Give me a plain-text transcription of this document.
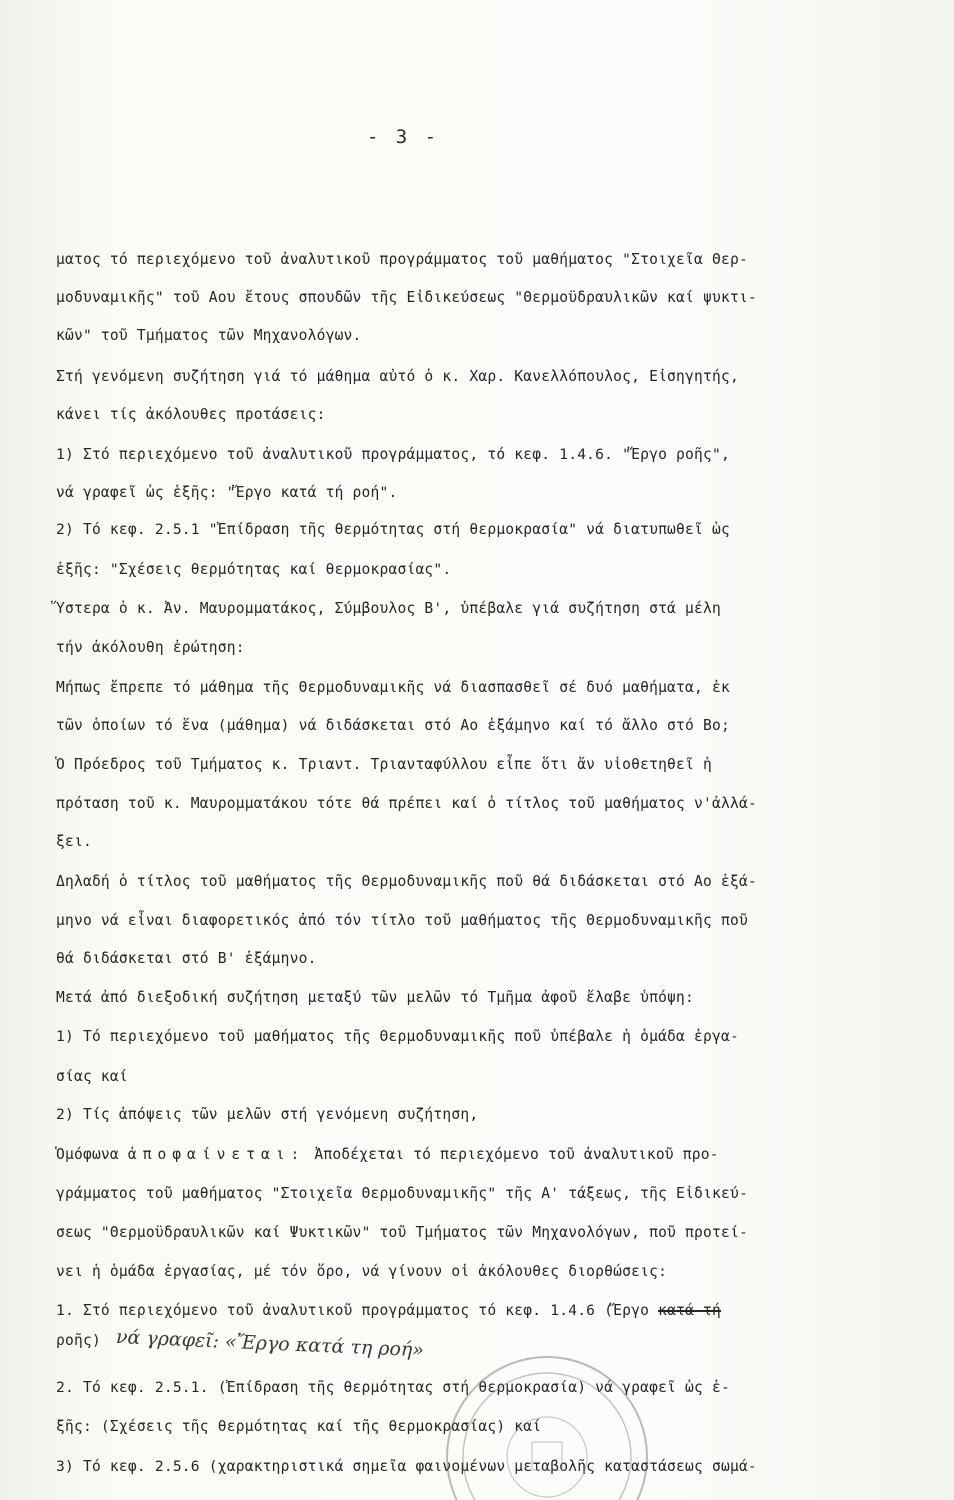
- 3 -
ματος τό περιεχόμενο τοῦ ἀναλυτικοῦ προγράμματος τοῦ μαθήματος "Στοιχεῖα Θερ-
μοδυναμικῆς" τοῦ Αου ἔτους σπουδῶν τῆς Εἰδικεύσεως "Θερμοϋδραυλικῶν καί ψυκτι-
κῶν" τοῦ Τμήματος τῶν Μηχανολόγων.
Στή γενόμενη συζήτηση γιά τό μάθημα αὐτό ὁ κ. Χαρ. Κανελλόπουλος, Εἰσηγητής,
κάνει τίς ἀκόλουθες προτάσεις:
1) Στό περιεχόμενο τοῦ ἀναλυτικοῦ προγράμματος, τό κεφ. 1.4.6. "Ἔργο ροῆς",
νά γραφεῖ ὡς ἑξῆς: "Ἔργο κατά τή ροή".
2) Τό κεφ. 2.5.1 "Ἐπίδραση τῆς θερμότητας στή θερμοκρασία" νά διατυπωθεῖ ὡς
ἑξῆς: "Σχέσεις θερμότητας καί θερμοκρασίας".
Ὕστερα ὁ κ. Ἀν. Μαυρομματάκος, Σύμβουλος Β', ὑπέβαλε γιά συζήτηση στά μέλη
τήν ἀκόλουθη ἐρώτηση:
Μήπως ἔπρεπε τό μάθημα τῆς Θερμοδυναμικῆς νά διασπασθεῖ σέ δυό μαθήματα, ἐκ
τῶν ὁποίων τό ἕνα (μάθημα) νά διδάσκεται στό Αο ἑξάμηνο καί τό ἄλλο στό Βο;
Ὁ Πρόεδρος τοῦ Τμήματος κ. Τριαντ. Τριανταφύλλου εἶπε ὅτι ἄν υἱοθετηθεῖ ἡ
πρόταση τοῦ κ. Μαυρομματάκου τότε θά πρέπει καί ὁ τίτλος τοῦ μαθήματος ν'ἀλλά-
ξει.
Δηλαδή ὁ τίτλος τοῦ μαθήματος τῆς Θερμοδυναμικῆς ποῦ θά διδάσκεται στό Αο ἑξά-
μηνο νά εἶναι διαφορετικός ἀπό τόν τίτλο τοῦ μαθήματος τῆς Θερμοδυναμικῆς ποῦ
θά διδάσκεται στό Β' ἑξάμηνο.
Μετά ἀπό διεξοδική συζήτηση μεταξύ τῶν μελῶν τό Τμῆμα ἀφοῦ ἔλαβε ὑπόψη:
1) Τό περιεχόμενο τοῦ μαθήματος τῆς Θερμοδυναμικῆς ποῦ ὑπέβαλε ἡ ὁμάδα ἐργα-
σίας καί
2) Τίς ἀπόψεις τῶν μελῶν στή γενόμενη συζήτηση,
Ὁμόφωνα ἀποφαίνεται: Ἀποδέχεται τό περιεχόμενο τοῦ ἀναλυτικοῦ προ-
γράμματος τοῦ μαθήματος "Στοιχεῖα Θερμοδυναμικῆς" τῆς Α' τάξεως, τῆς Εἰδικεύ-
σεως "Θερμοϋδραυλικῶν καί Ψυκτικῶν" τοῦ Τμήματος τῶν Μηχανολόγων, ποῦ προτεί-
νει ἡ ὁμάδα ἐργασίας, μέ τόν ὅρο, νά γίνουν οἱ ἀκόλουθες διορθώσεις:
1. Στό περιεχόμενο τοῦ ἀναλυτικοῦ προγράμματος τό κεφ. 1.4.6 (Ἔργο κατά τή
ροῆς) νά γραφεῖ: «Ἔργο κατά τη ροή»
2. Τό κεφ. 2.5.1. (Ἐπίδραση τῆς θερμότητας στή θερμοκρασία) νά γραφεῖ ὡς ἐ-
ξῆς: (Σχέσεις τῆς θερμότητας καί τῆς θερμοκρασίας) καί
3) Τό κεφ. 2.5.6 (χαρακτηριστικά σημεῖα φαινομένων μεταβολῆς καταστάσεως σωμά-
